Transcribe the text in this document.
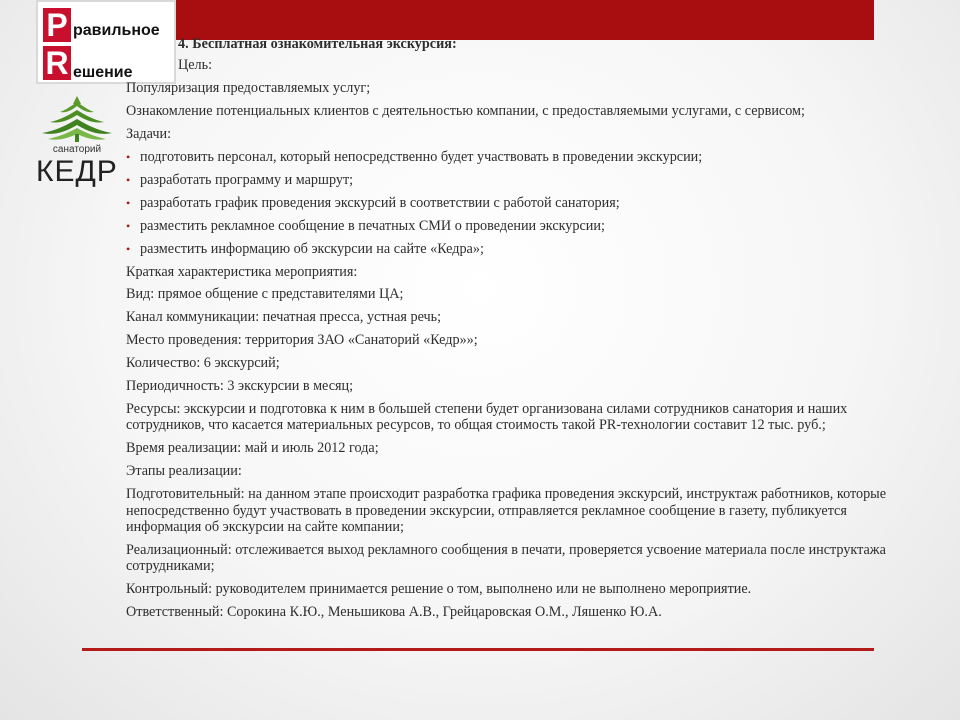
P равильное
R ешение
санаторий
КЕДР

4. Бесплатная ознакомительная экскурсия:

Цель:

Популяризация предоставляемых услуг;

Ознакомление потенциальных клиентов с деятельностью компании, с предоставляемыми услугами, с сервисом;

Задачи:

• подготовить персонал, который непосредственно будет участвовать в проведении экскурсии;
• разработать программу и маршрут;
• разработать график проведения экскурсий в соответствии с работой санатория;
• разместить рекламное сообщение в печатных СМИ о проведении экскурсии;
• разместить информацию об экскурсии на сайте «Кедра»;

Краткая характеристика мероприятия:

Вид: прямое общение с представителями ЦА;

Канал коммуникации: печатная пресса, устная речь;

Место проведения: территория ЗАО «Санаторий «Кедр»»;

Количество: 6 экскурсий;

Периодичность: 3 экскурсии в месяц;

Ресурсы: экскурсии и подготовка к ним в большей степени будет организована силами сотрудников санатория и наших сотрудников, что касается материальных ресурсов, то общая стоимость такой PR-технологии составит 12 тыс. руб.;

Время реализации: май и июль 2012 года;

Этапы реализации:

Подготовительный: на данном этапе происходит разработка графика проведения экскурсий, инструктаж работников, которые непосредственно будут участвовать в проведении экскурсии, отправляется рекламное сообщение в газету, публикуется информация об экскурсии на сайте компании;

Реализационный: отслеживается выход рекламного сообщения в печати, проверяется усвоение материала после инструктажа сотрудниками;

Контрольный: руководителем принимается решение о том, выполнено или не выполнено мероприятие.

Ответственный: Сорокина К.Ю., Меньшикова А.В., Грейцаровская О.М., Ляшенко Ю.А.
